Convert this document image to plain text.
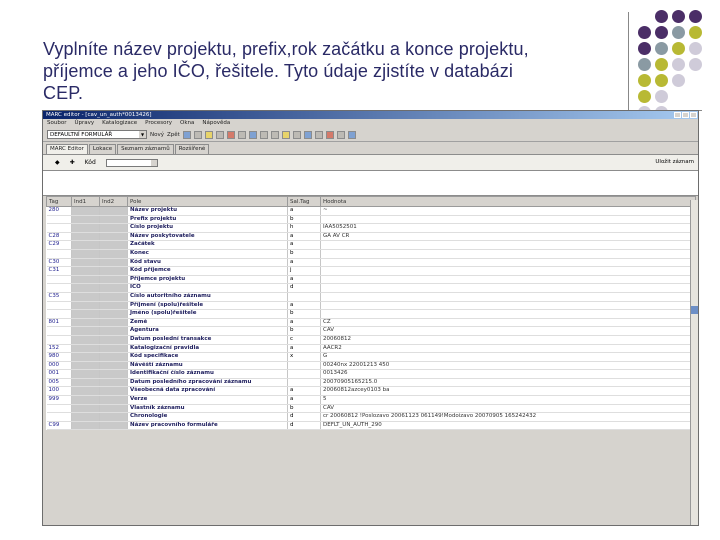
Vyplníte název projektu, prefix,rok začátku a konce projektu,
příjemce a jeho IČO, řešitele. Tyto údaje zjistíte v databázi
CEP.
MARC editor - [cav_un_auth*0013426]
Soubor Úpravy Katalogizace Procesory Okna Nápověda
DEFAULTNÍ FORMULÁŘ	▼	Nový Zpět
MARC Editor	Lokace	Seznam záznamů	Rozšířené
◆ ✚ Kód	Uložit záznam
Tag	Ind1	Ind2	Pole	Sal.Tag	Hodnota
280			Název projektu	a	~
			Prefix projektu	b	
			Číslo projektu	h	IAA5052501
C28			Název poskytovatele	a	GA AV ČR
C29			Začátek	a	
			Konec	b	
C30			Kód stavu	a	
C31			Kód příjemce	j	
			Příjemce projektu	a	
			IČO	d	
C35			Číslo autoritního záznamu		
			Příjmení (spolu)řešitele	a	
			Jméno (spolu)řešitele	b	
801			Země	a	CZ
			Agentura	b	CAV
			Datum poslední transakce	c	20060812
152			Katalogizační pravidla	a	AACR2
980			Kód specifikace	x	G
000			Návěští záznamu		00240nx 22001213 450
001			Identifikační číslo záznamu		0013426
005			Datum posledního zpracování záznamu		20070905165215.0
100			Všeobecná data zpracování	a	20060812azcey0103 ba
999			Verze	a	5
			Vlastník záznamu	b	CAV
			Chronologie	d	cr 20060812 !Poslozavo 20061123 061149!Modoizavo 20070905 165242432
C99			Název pracovního formuláře	d	DEFLT_UN_AUTH_290
